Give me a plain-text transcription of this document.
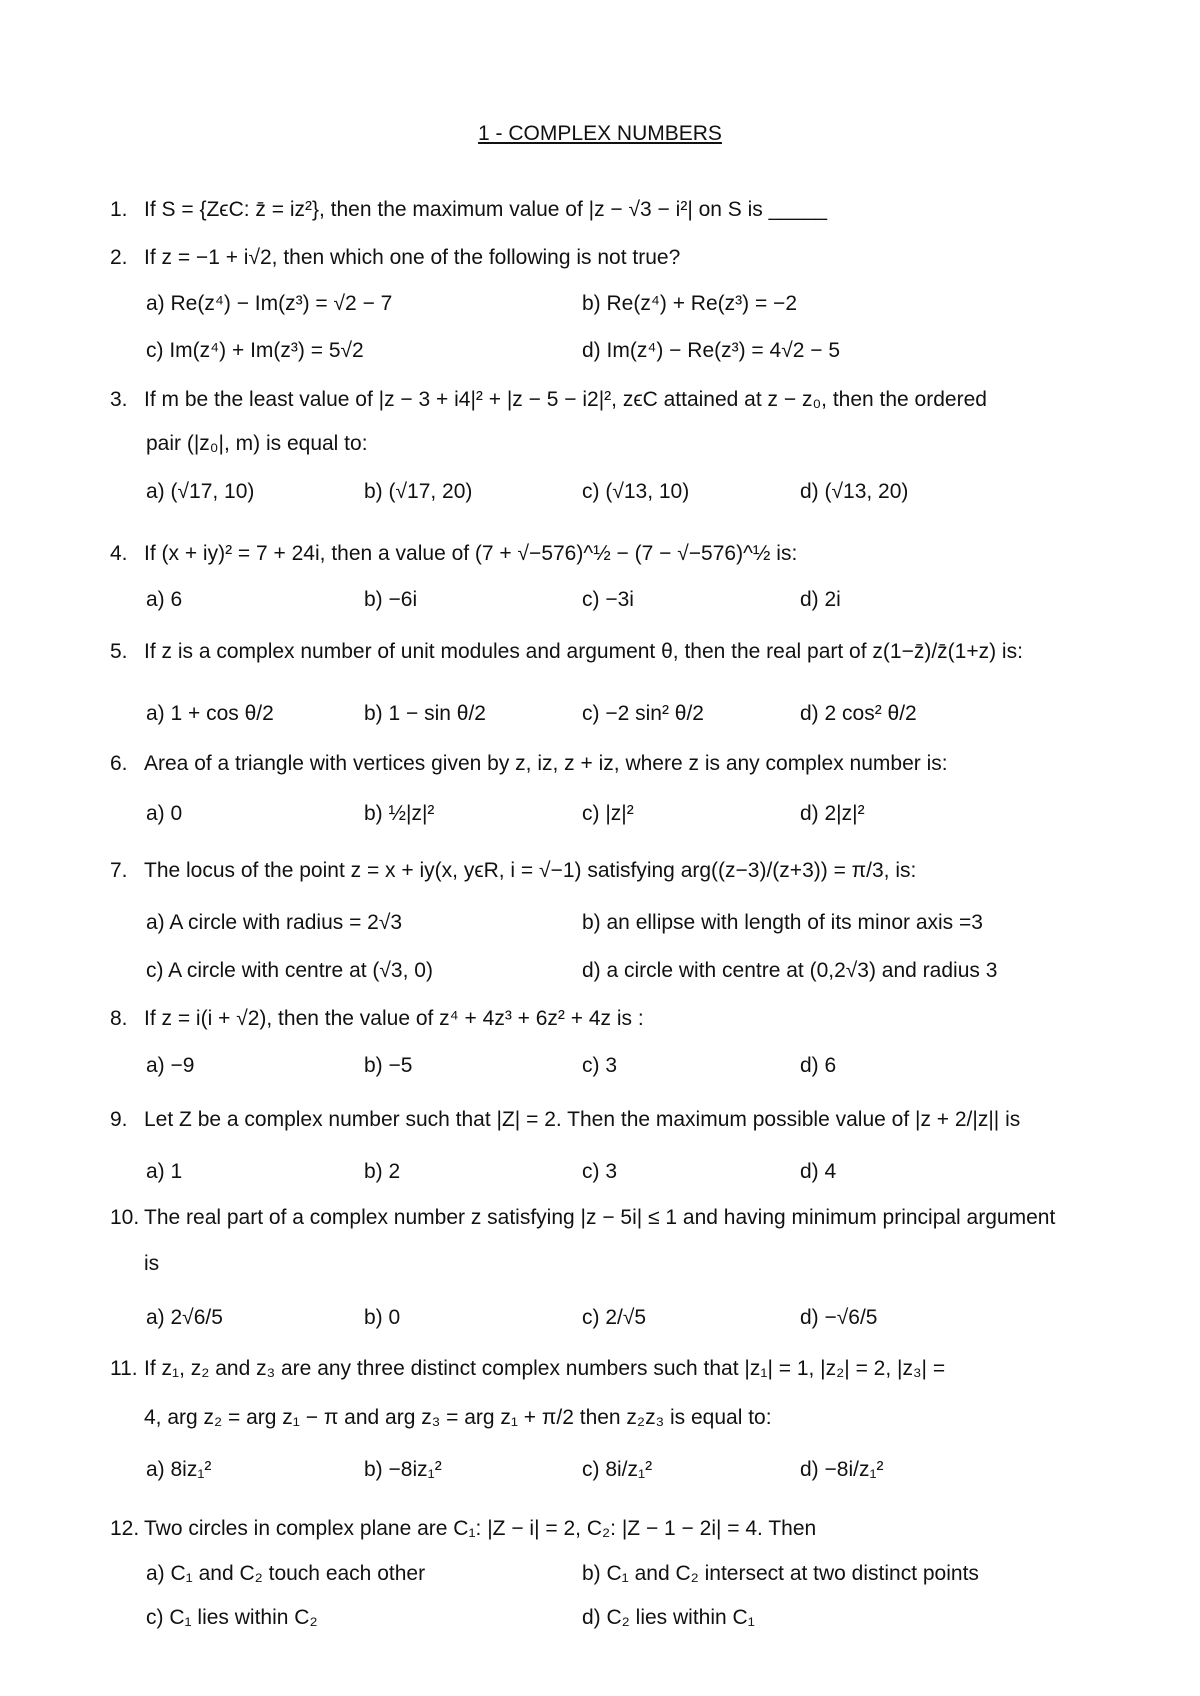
1 - COMPLEX NUMBERS
1. If S = {ZϵC: z̄ = iz²}, then the maximum value of |z − √3 − i²| on S is _____
2. If z = −1 + i√2, then which one of the following is not true?
a) Re(z⁴) − Im(z³) = √2 − 7	b) Re(z⁴) + Re(z³) = −2
c) Im(z⁴) + Im(z³) = 5√2	d) Im(z⁴) − Re(z³) = 4√2 − 5
3. If m be the least value of |z − 3 + i4|² + |z − 5 − i2|², zϵC attained at z − z₀, then the ordered
pair (|z₀|, m) is equal to:
a) (√17, 10)	b) (√17, 20)	c) (√13, 10)	d) (√13, 20)
4. If (x + iy)² = 7 + 24i, then a value of (7 + √−576)^½ − (7 − √−576)^½ is:
a) 6	b) −6i	c) −3i	d) 2i
5. If z is a complex number of unit modules and argument θ, then the real part of z(1−z̄)/z̄(1+z) is:
a) 1 + cos θ/2	b) 1 − sin θ/2	c) −2 sin² θ/2	d) 2 cos² θ/2
6. Area of a triangle with vertices given by z, iz, z + iz, where z is any complex number is:
a) 0	b) ½|z|²	c) |z|²	d) 2|z|²
7. The locus of the point z = x + iy(x, yϵR, i = √−1) satisfying arg((z−3)/(z+3)) = π/3, is:
a) A circle with radius = 2√3	b) an ellipse with length of its minor axis =3
c) A circle with centre at (√3, 0)	d) a circle with centre at (0,2√3) and radius 3
8. If z = i(i + √2), then the value of z⁴ + 4z³ + 6z² + 4z is :
a) −9	b) −5	c) 3	d) 6
9. Let Z be a complex number such that |Z| = 2. Then the maximum possible value of |z + 2/|z|| is
a) 1	b) 2	c) 3	d) 4
10. The real part of a complex number z satisfying |z − 5i| ≤ 1 and having minimum principal argument
is
a) 2√6/5	b) 0	c) 2/√5	d) −√6/5
11. If z₁, z₂ and z₃ are any three distinct complex numbers such that |z₁| = 1, |z₂| = 2, |z₃| =
4, arg z₂ = arg z₁ − π and arg z₃ = arg z₁ + π/2 then z₂z₃ is equal to:
a) 8iz₁²	b) −8iz₁²	c) 8i/z₁²	d) −8i/z₁²
12. Two circles in complex plane are C₁: |Z − i| = 2, C₂: |Z − 1 − 2i| = 4. Then
a) C₁ and C₂ touch each other	b) C₁ and C₂ intersect at two distinct points
c) C₁ lies within C₂	d) C₂ lies within C₁
